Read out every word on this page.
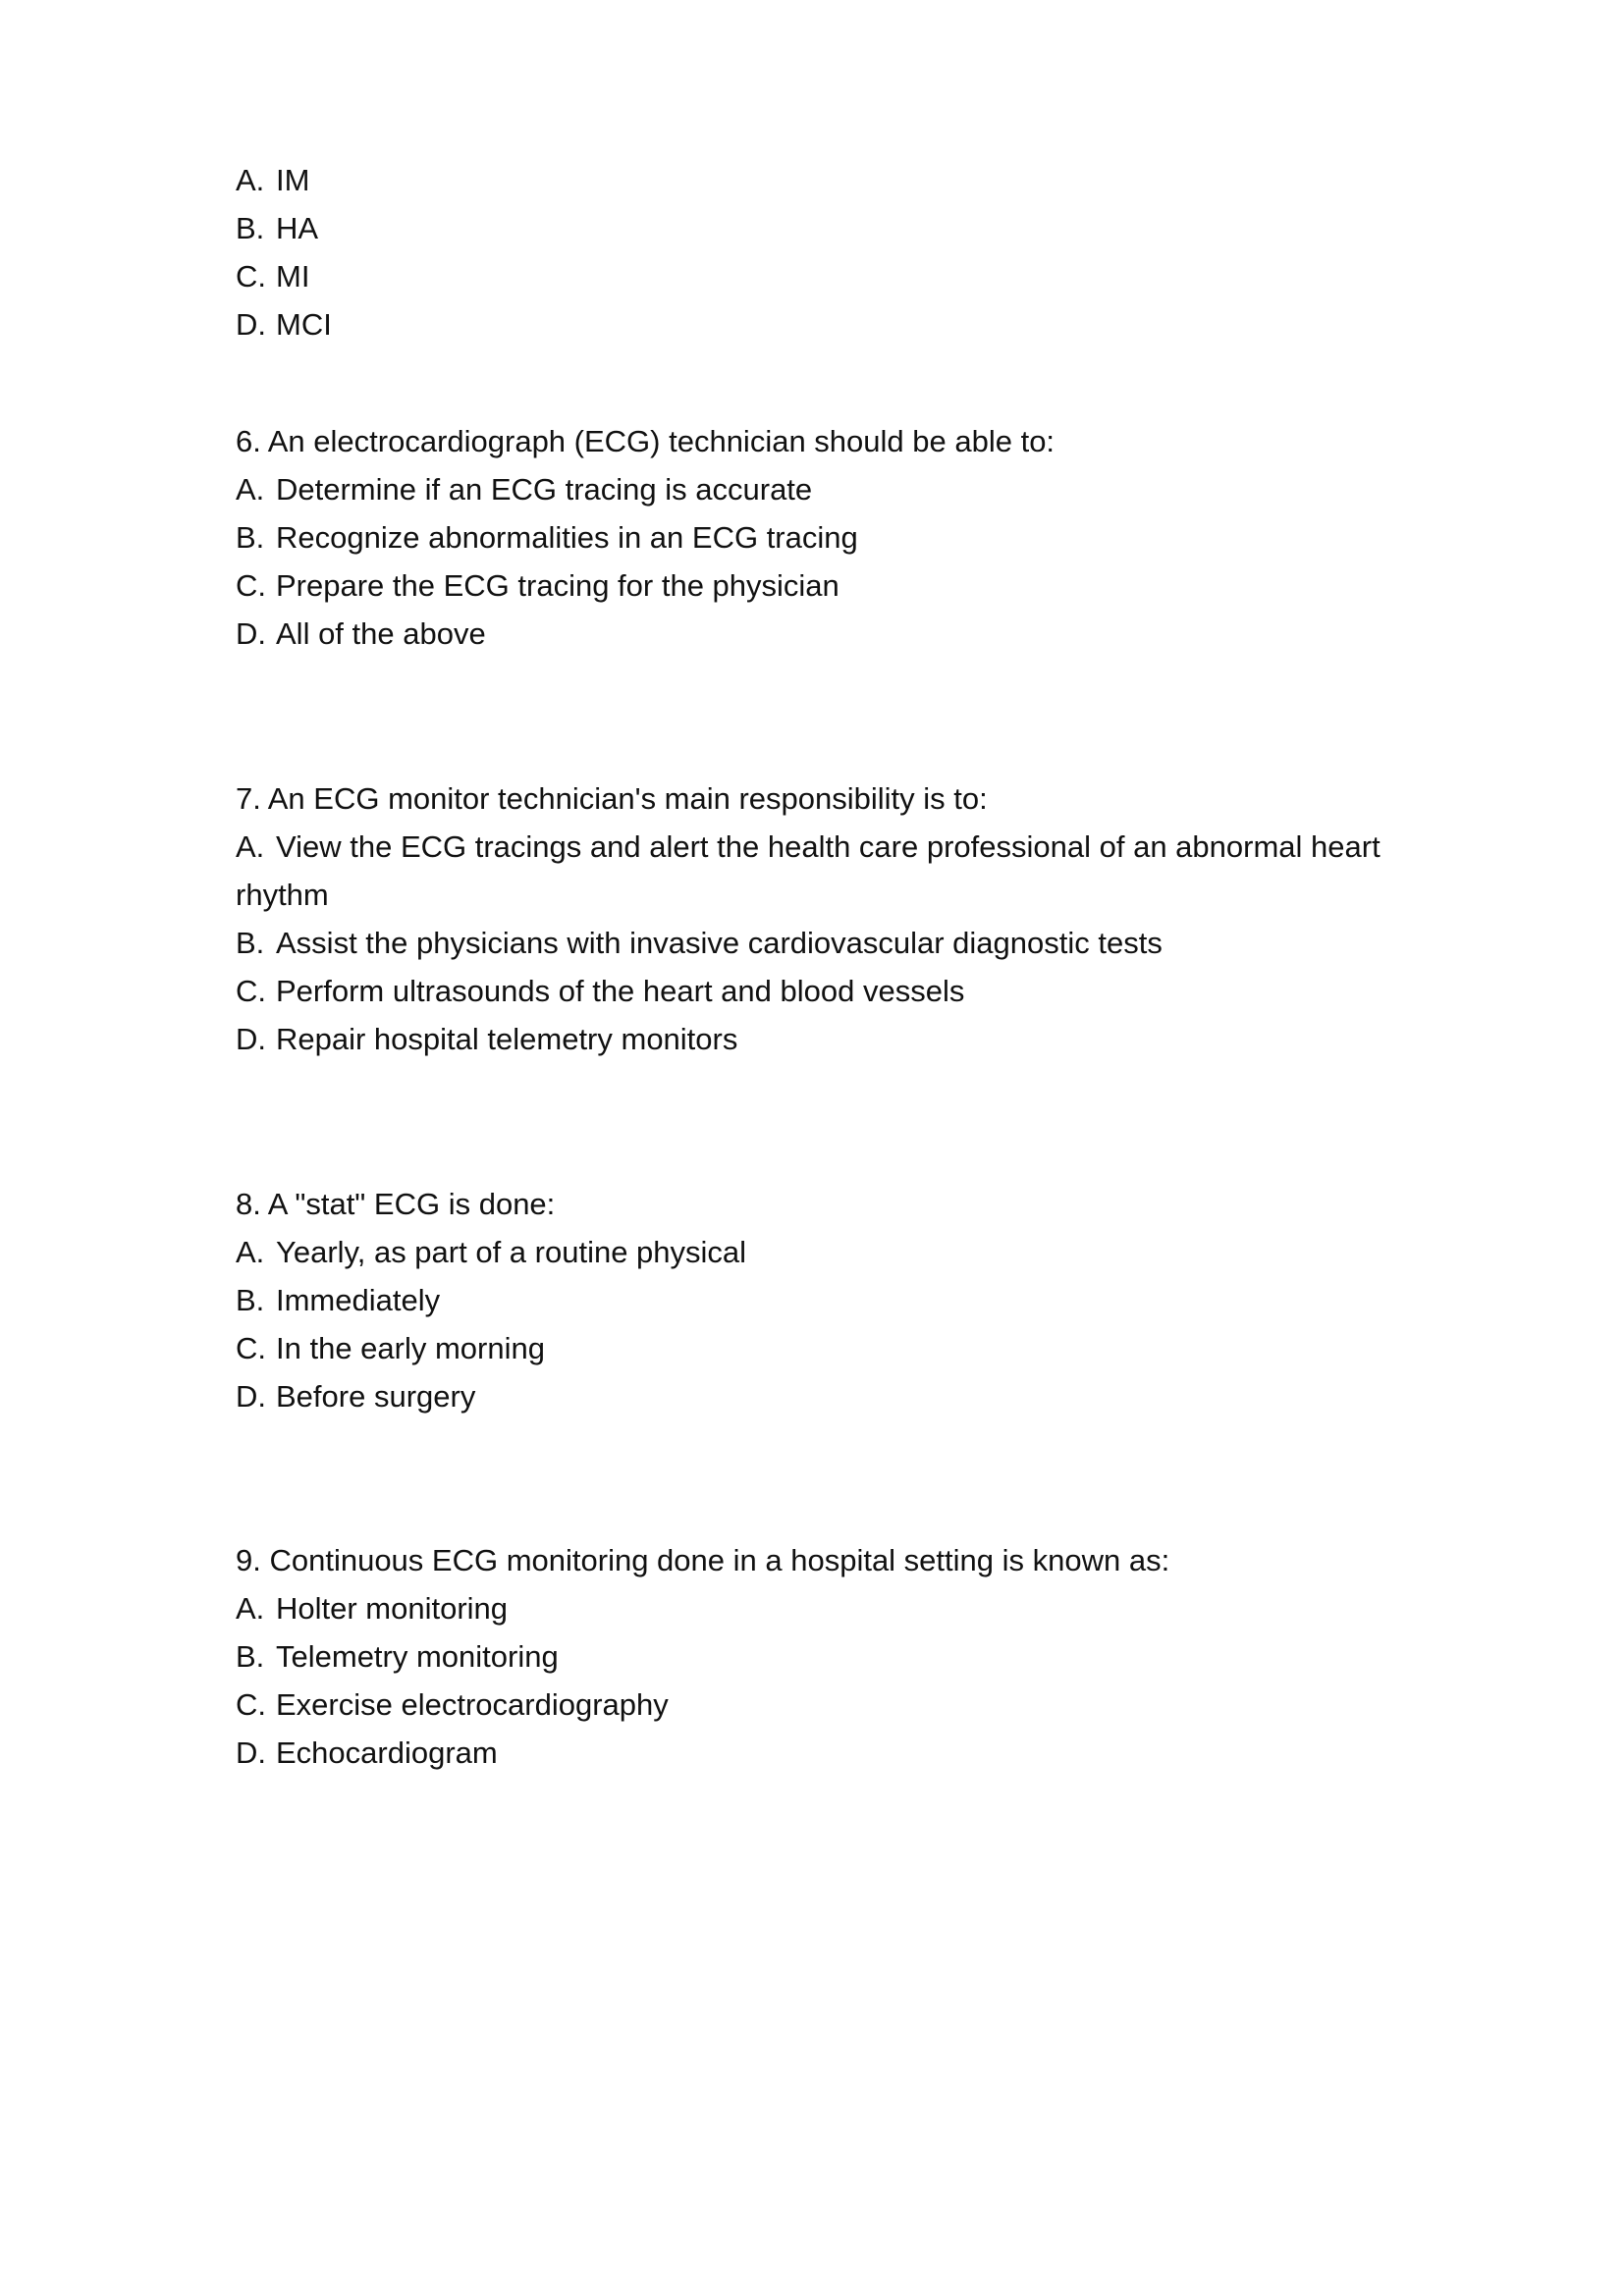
A. IM
B. HA
C. MI
D. MCI
6. An electrocardiograph (ECG) technician should be able to:
A. Determine if an ECG tracing is accurate
B. Recognize abnormalities in an ECG tracing
C. Prepare the ECG tracing for the physician
D. All of the above
7. An ECG monitor technician's main responsibility is to:
A. View the ECG tracings and alert the health care professional of an abnormal heart
rhythm
B. Assist the physicians with invasive cardiovascular diagnostic tests
C. Perform ultrasounds of the heart and blood vessels
D. Repair hospital telemetry monitors
8. A "stat" ECG is done:
A. Yearly, as part of a routine physical
B. Immediately
C. In the early morning
D. Before surgery
9. Continuous ECG monitoring done in a hospital setting is known as:
A. Holter monitoring
B. Telemetry monitoring
C. Exercise electrocardiography
D. Echocardiogram
